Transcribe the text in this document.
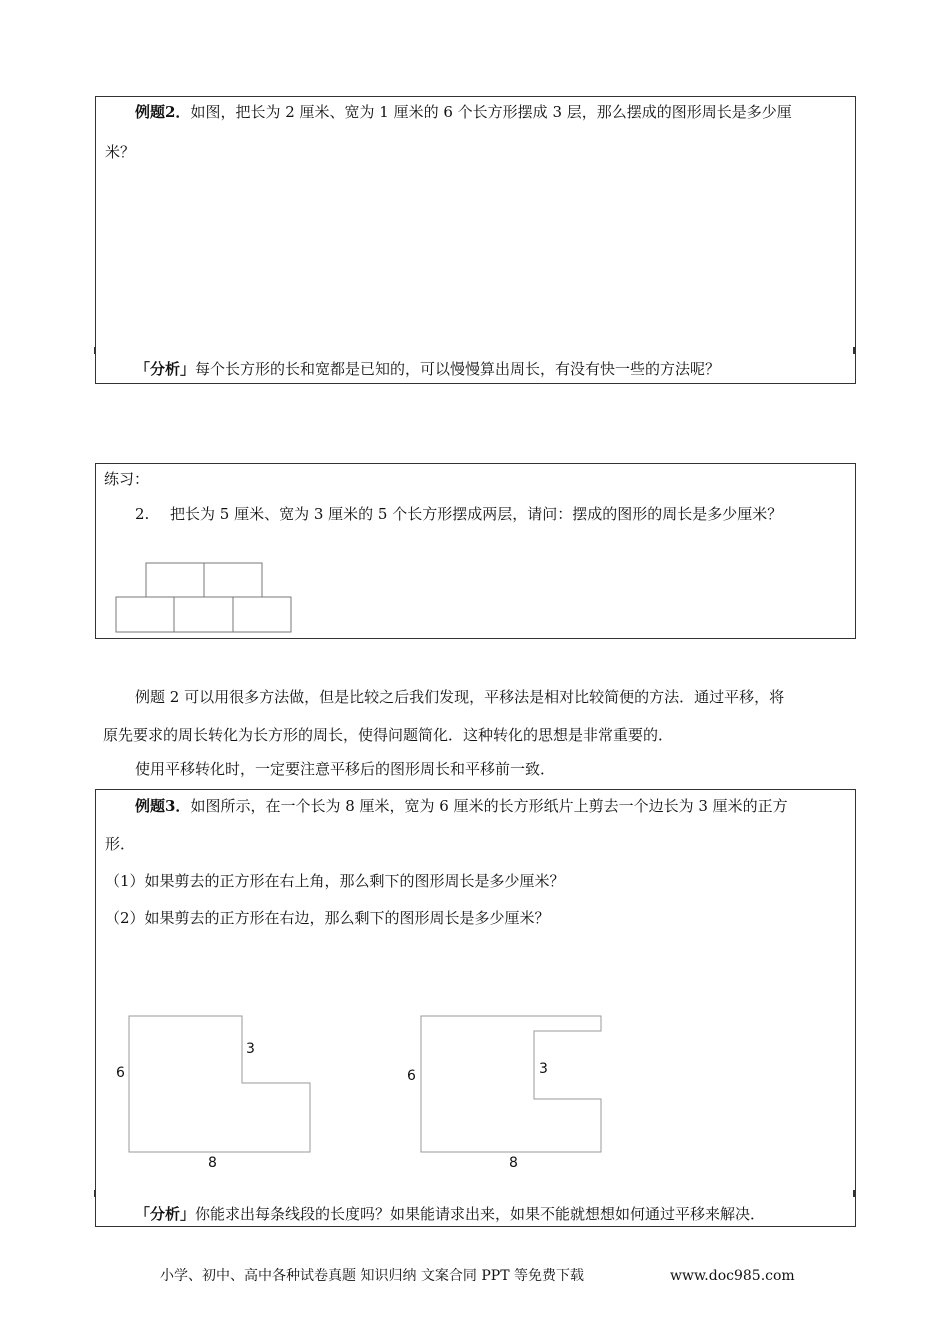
例题2．如图，把长为 2 厘米、宽为 1 厘米的 6 个长方形摆成 3 层，那么摆成的图形周长是多少厘
米？
「分析」每个长方形的长和宽都是已知的，可以慢慢算出周长，有没有快一些的方法呢？
练习：
2. 把长为 5 厘米、宽为 3 厘米的 5 个长方形摆成两层，请问：摆成的图形的周长是多少厘米？
例题 2 可以用很多方法做，但是比较之后我们发现，平移法是相对比较简便的方法．通过平移，将
原先要求的周长转化为长方形的周长，使得问题简化．这种转化的思想是非常重要的．
使用平移转化时，一定要注意平移后的图形周长和平移前一致．
例题3．如图所示，在一个长为 8 厘米，宽为 6 厘米的长方形纸片上剪去一个边长为 3 厘米的正方
形．
（1）如果剪去的正方形在右上角，那么剩下的图形周长是多少厘米？
（2）如果剪去的正方形在右边，那么剩下的图形周长是多少厘米？
6
3
8
6	3
8
「分析」你能求出每条线段的长度吗？如果能请求出来，如果不能就想想如何通过平移来解决．
小学、初中、高中各种试卷真题 知识归纳 文案合同 PPT 等免费下载	www.doc985.com
